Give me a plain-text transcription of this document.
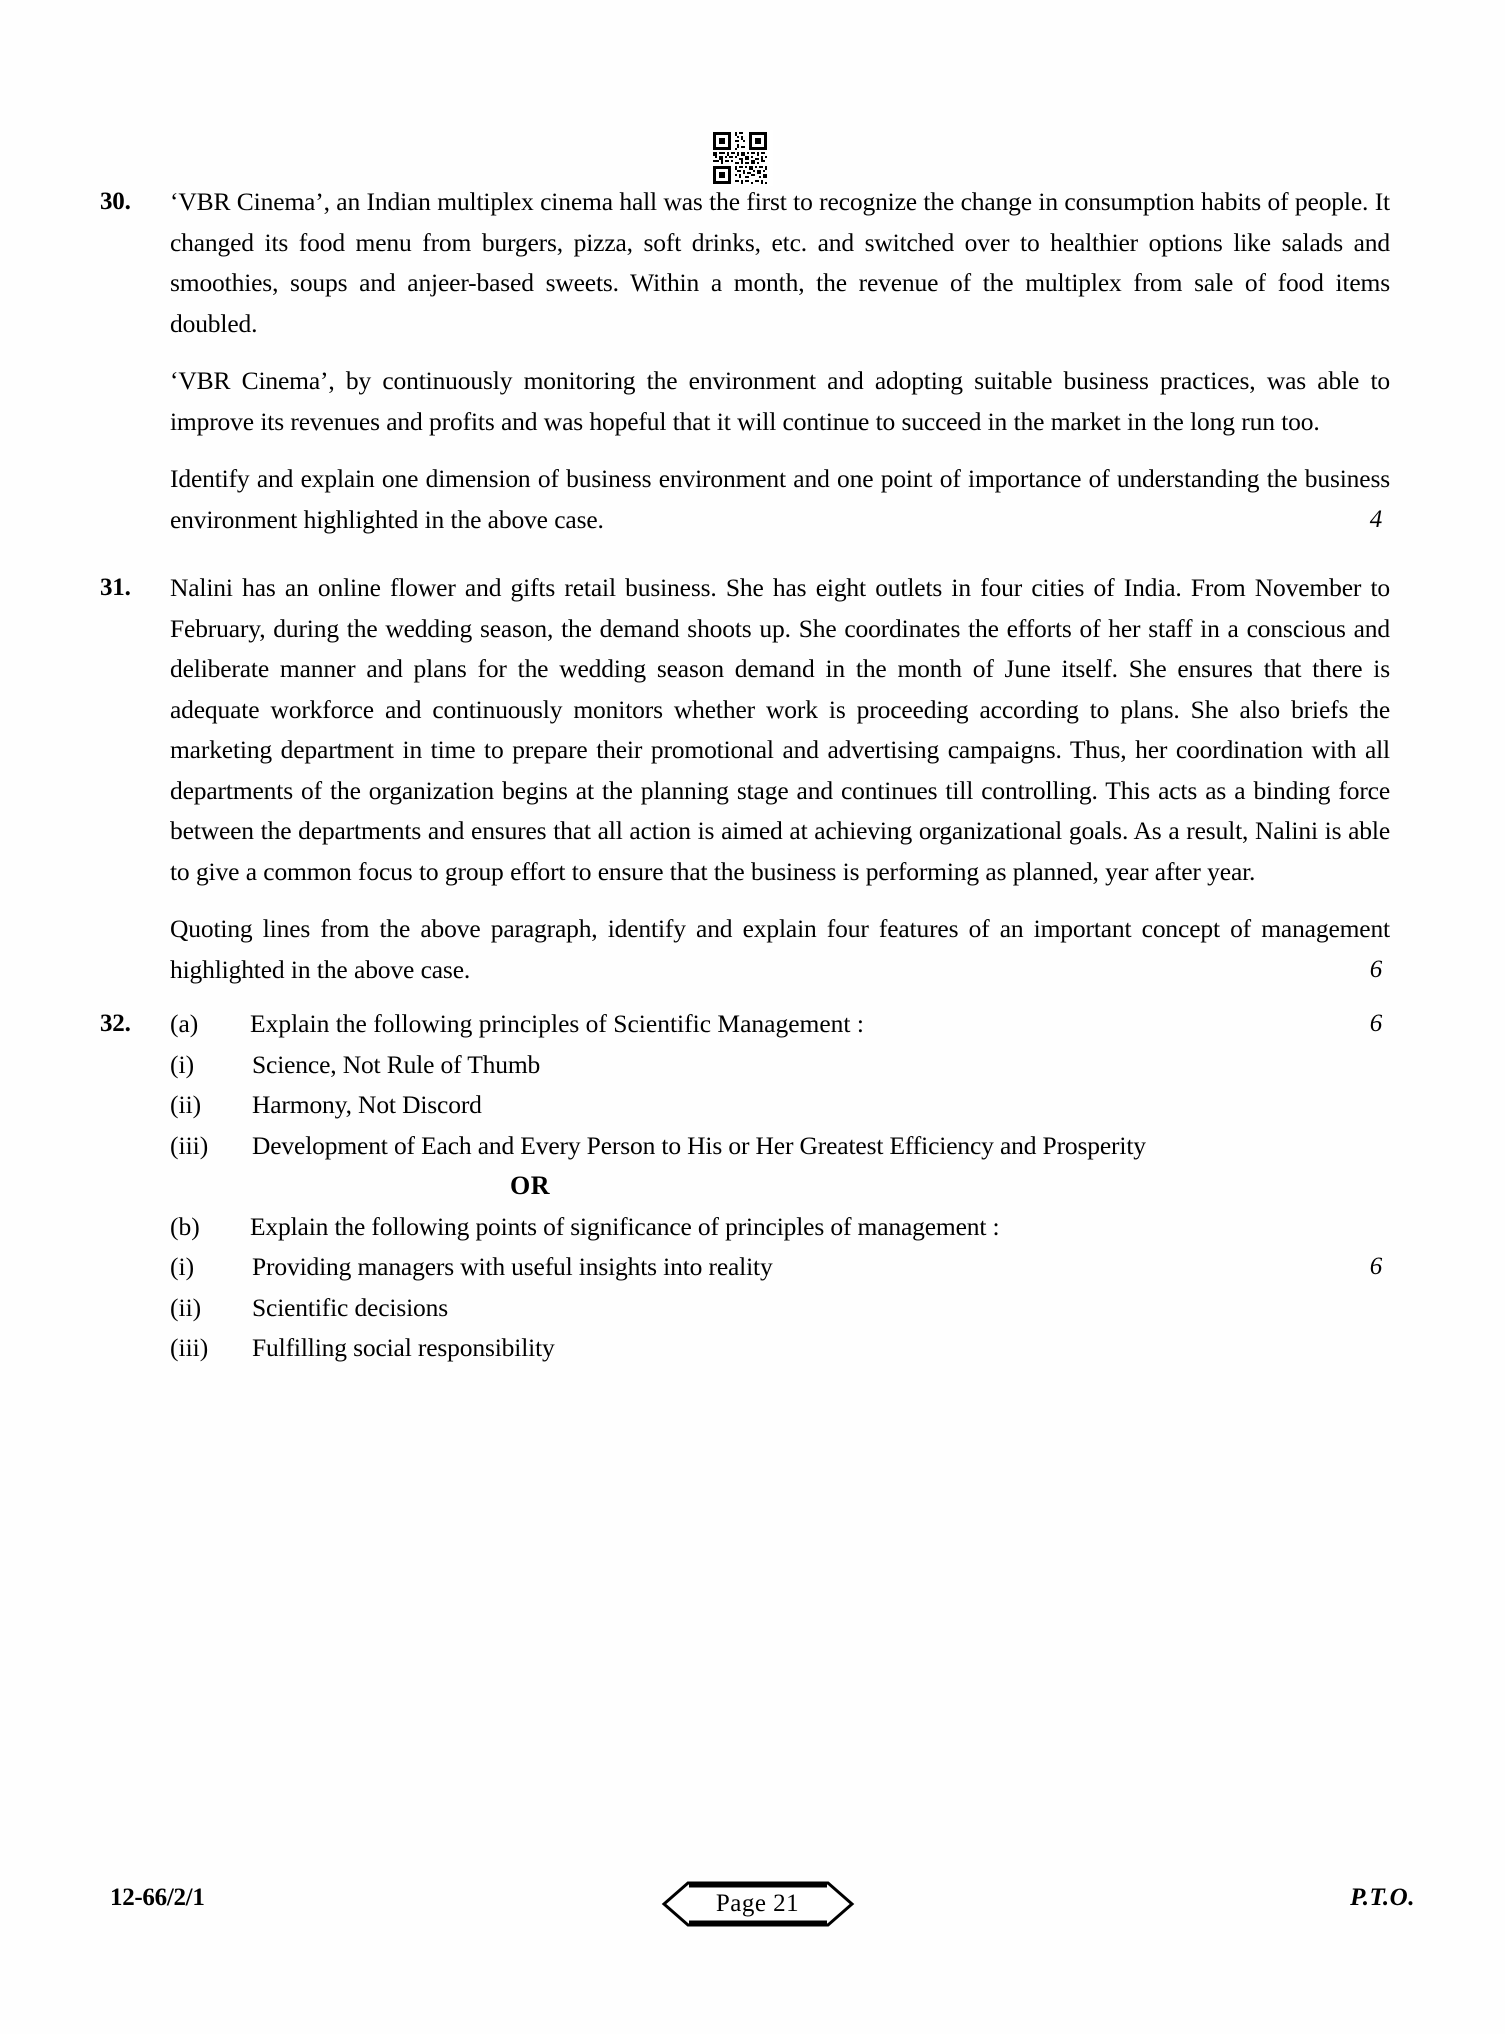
30.	‘VBR Cinema’, an Indian multiplex cinema hall was the first to recognize the change in consumption habits of people. It changed its food menu from burgers, pizza, soft drinks, etc. and switched over to healthier options like salads and smoothies, soups and anjeer-based sweets. Within a month, the revenue of the multiplex from sale of food items doubled.

‘VBR Cinema’, by continuously monitoring the environment and adopting suitable business practices, was able to improve its revenues and profits and was hopeful that it will continue to succeed in the market in the long run too.

Identify and explain one dimension of business environment and one point of importance of understanding the business environment highlighted in the above case.	4
31.	Nalini has an online flower and gifts retail business. She has eight outlets in four cities of India. From November to February, during the wedding season, the demand shoots up. She coordinates the efforts of her staff in a conscious and deliberate manner and plans for the wedding season demand in the month of June itself. She ensures that there is adequate workforce and continuously monitors whether work is proceeding according to plans. She also briefs the marketing department in time to prepare their promotional and advertising campaigns. Thus, her coordination with all departments of the organization begins at the planning stage and continues till controlling. This acts as a binding force between the departments and ensures that all action is aimed at achieving organizational goals. As a result, Nalini is able to give a common focus to group effort to ensure that the business is performing as planned, year after year.

Quoting lines from the above paragraph, identify and explain four features of an important concept of management highlighted in the above case.	6
32.	(a)	Explain the following principles of Scientific Management :	6
(i)	Science, Not Rule of Thumb
(ii)	Harmony, Not Discord
(iii)	Development of Each and Every Person to His or Her Greatest Efficiency and Prosperity
OR
(b)	Explain the following points of significance of principles of management :
6
(i)	Providing managers with useful insights into reality
(ii)	Scientific decisions
(iii)	Fulfilling social responsibility
12-66/2/1	Page 21	P.T.O.
